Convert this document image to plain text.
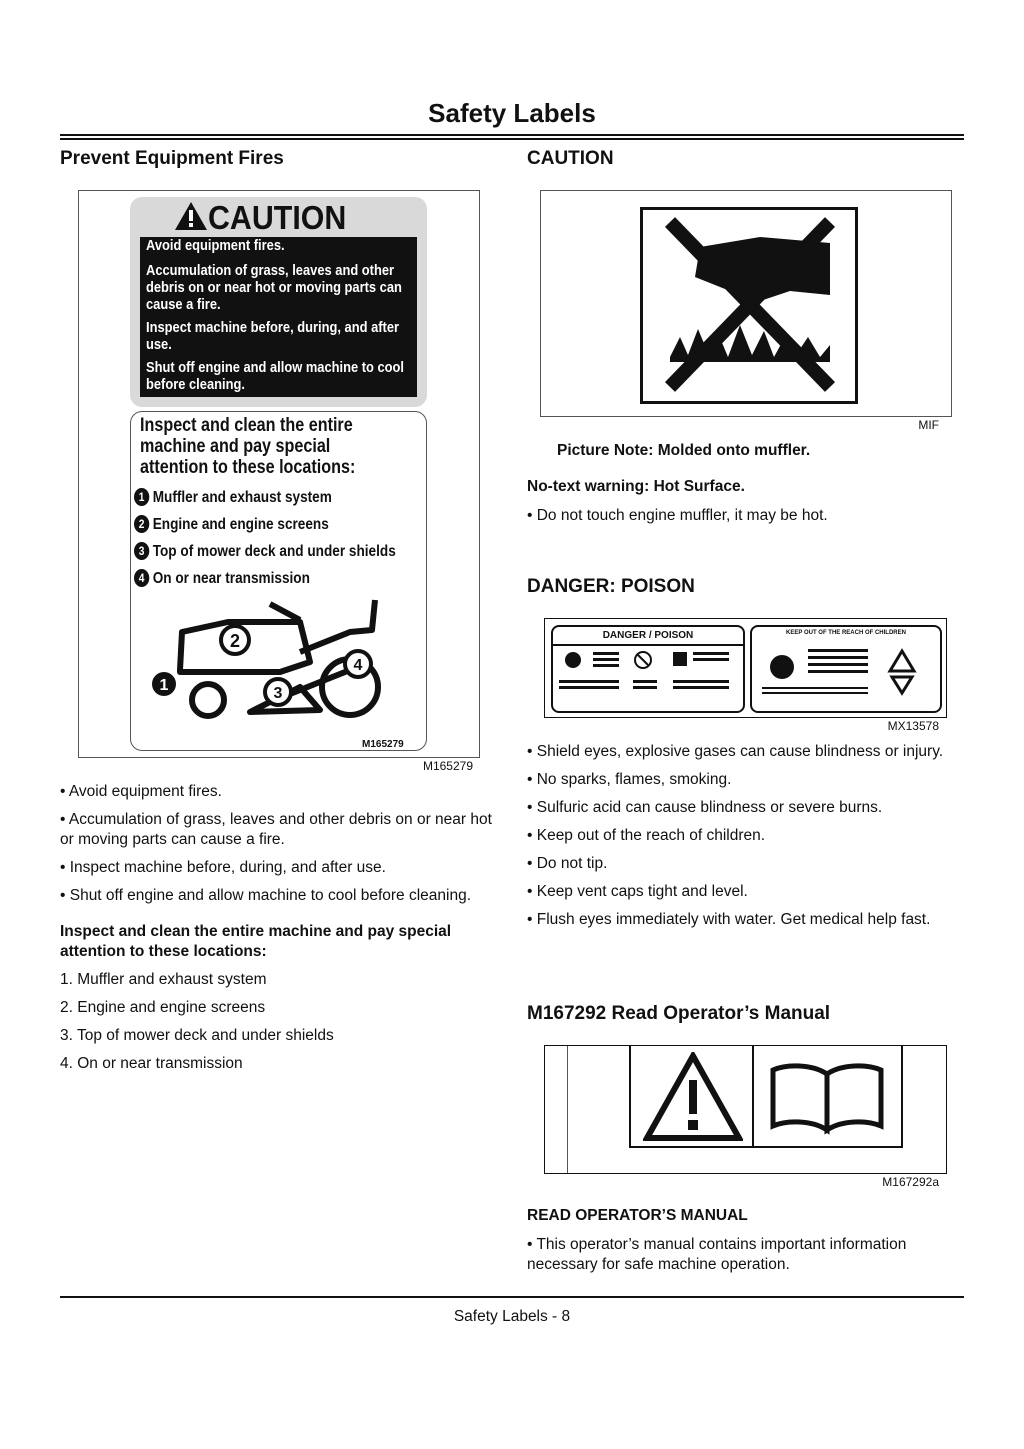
Safety Labels
Prevent Equipment Fires
CAUTION
Avoid equipment fires.
Accumulation of grass, leaves and other debris on or near hot or moving parts can cause a fire.
Inspect machine before, during, and after use.
Shut off engine and allow machine to cool before cleaning.
Inspect and clean the entire machine and pay special attention to these locations:
1 Muffler and exhaust system
2 Engine and engine screens
3 Top of mower deck and under shields
4 On or near transmission
1
2
3
4
M165279
M165279

• Avoid equipment fires.

• Accumulation of grass, leaves and other debris on or near hot or moving parts can cause a fire.

• Inspect machine before, during, and after use.

• Shut off engine and allow machine to cool before cleaning.

Inspect and clean the entire machine and pay special attention to these locations:

1. Muffler and exhaust system

2. Engine and engine screens

3. Top of mower deck and under shields

4. On or near transmission

CAUTION
MIF
Picture Note: Molded onto muffler.
No-text warning: Hot Surface.
• Do not touch engine muffler, it may be hot.
DANGER: POISON
DANGER / POISON	KEEP OUT OF THE REACH OF CHILDREN
MX13578

• Shield eyes, explosive gases can cause blindness or injury.

• No sparks, flames, smoking.

• Sulfuric acid can cause blindness or severe burns.

• Keep out of the reach of children.

• Do not tip.

• Keep vent caps tight and level.

• Flush eyes immediately with water. Get medical help fast.

M167292 Read Operator’s Manual
M167292a
READ OPERATOR’S MANUAL
• This operator’s manual contains important information necessary for safe machine operation.
Safety Labels - 8
